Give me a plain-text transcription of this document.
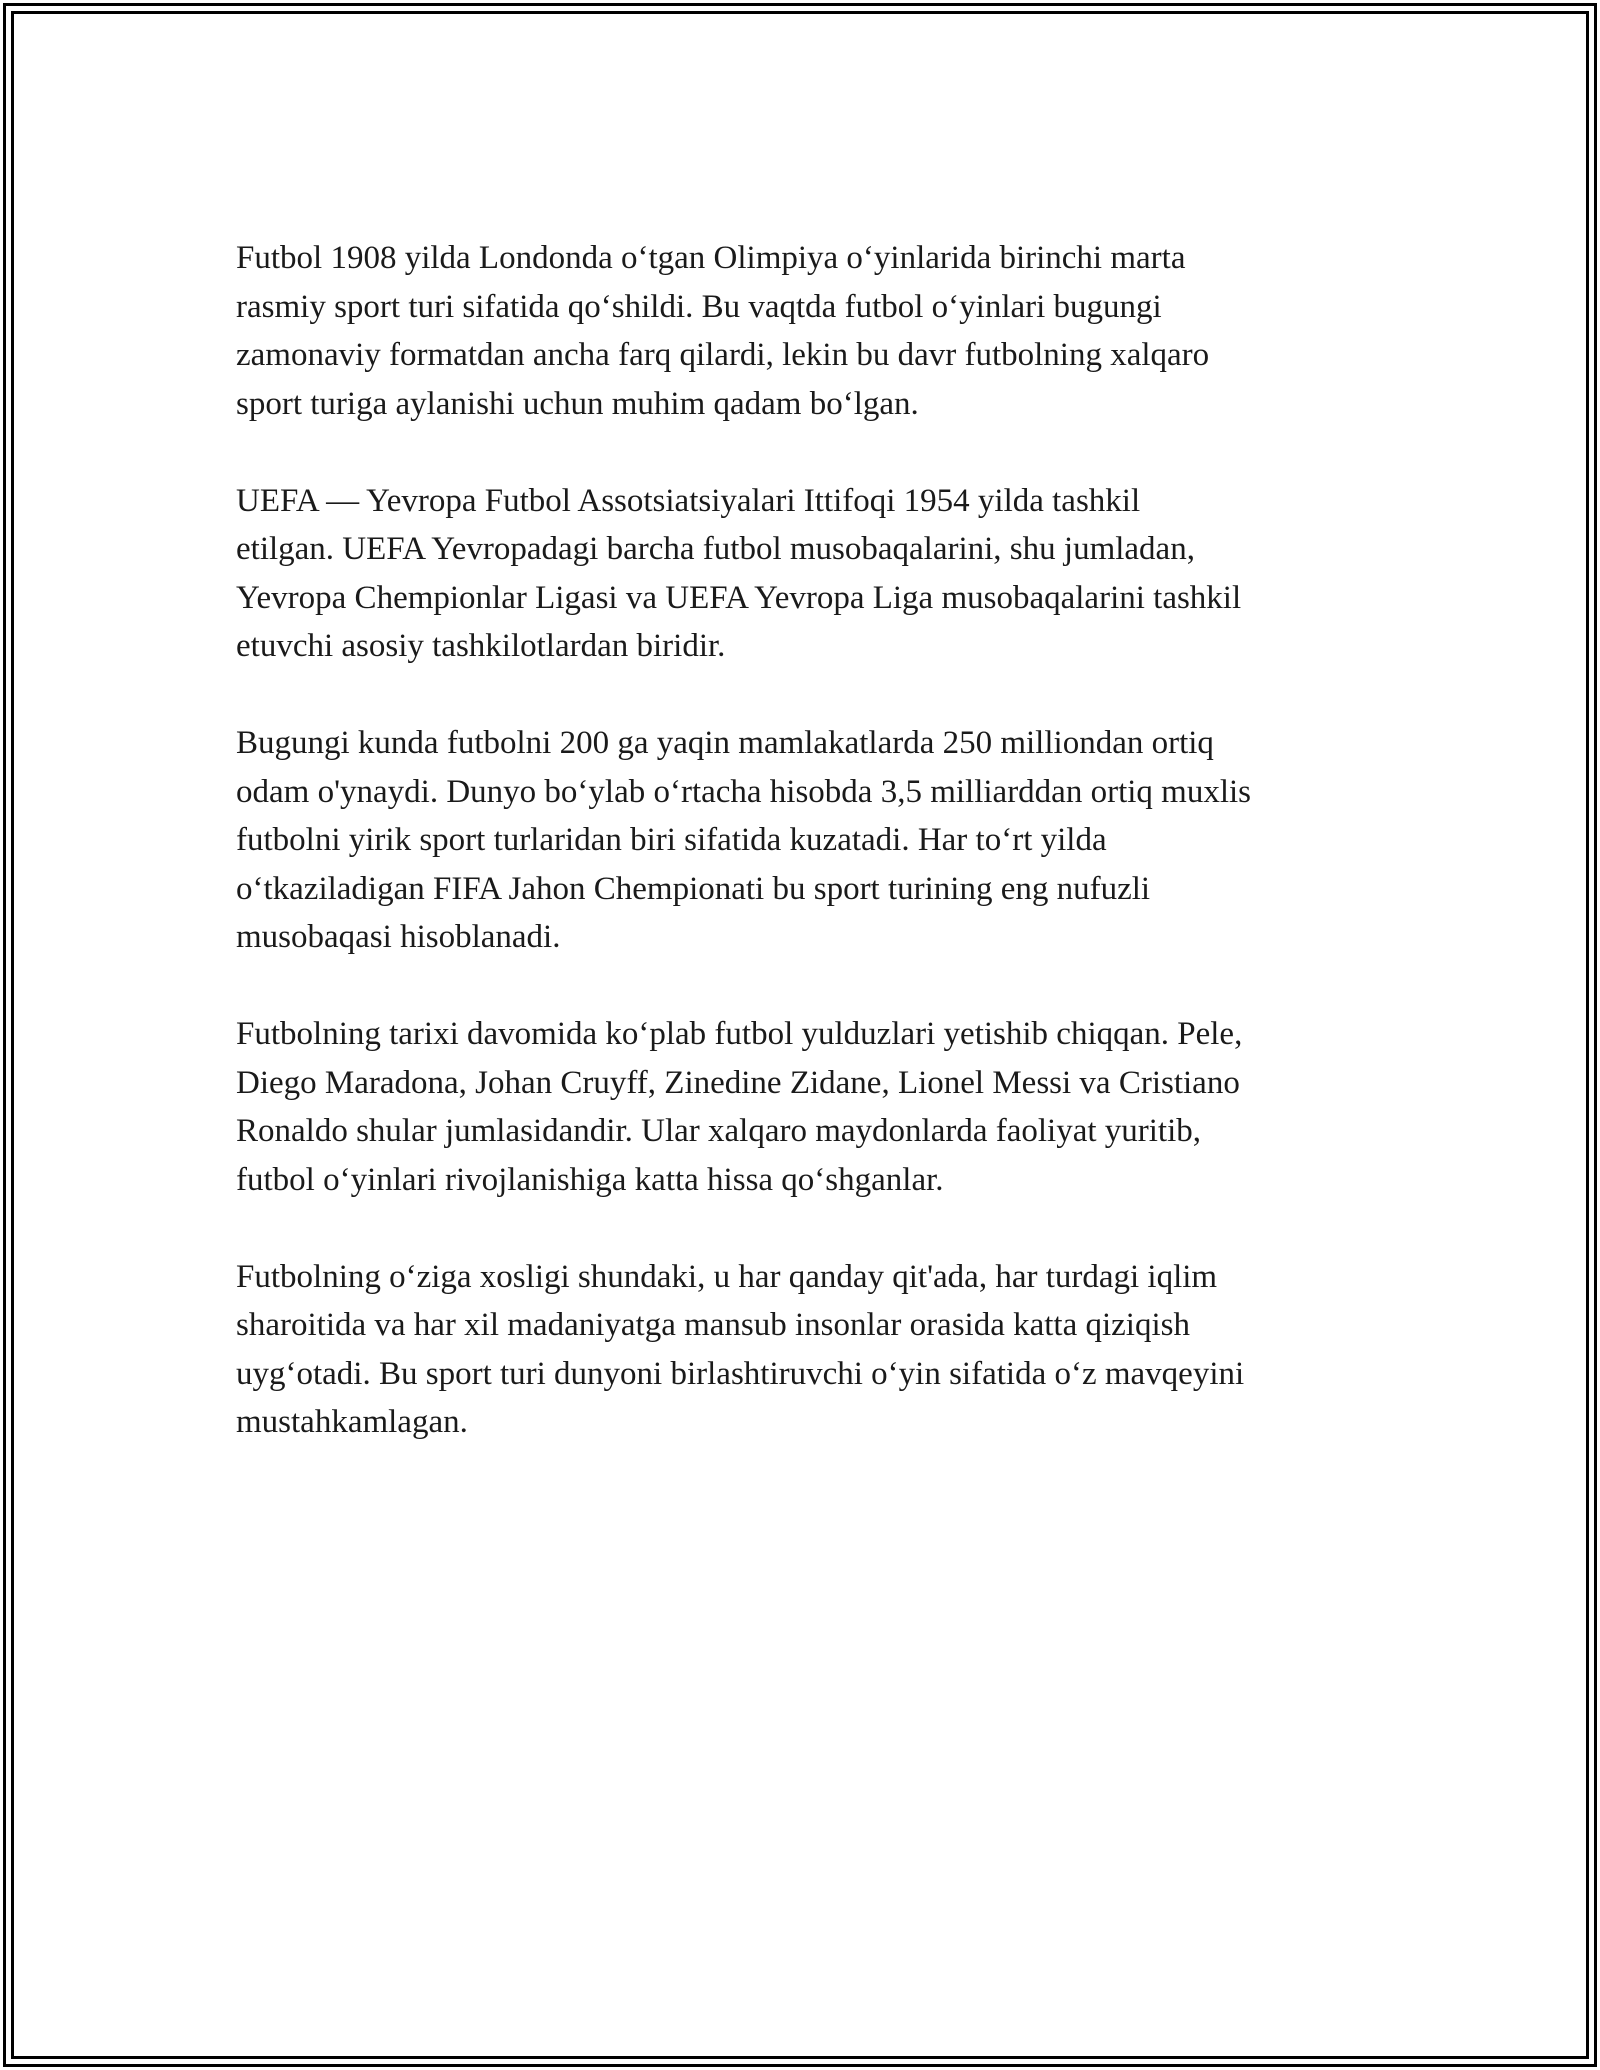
Futbol 1908 yilda Londonda o‘tgan Olimpiya o‘yinlarida birinchi marta
rasmiy sport turi sifatida qo‘shildi. Bu vaqtda futbol o‘yinlari bugungi
zamonaviy formatdan ancha farq qilardi, lekin bu davr futbolning xalqaro
sport turiga aylanishi uchun muhim qadam bo‘lgan.

UEFA — Yevropa Futbol Assotsiatsiyalari Ittifoqi 1954 yilda tashkil
etilgan. UEFA Yevropadagi barcha futbol musobaqalarini, shu jumladan,
Yevropa Chempionlar Ligasi va UEFA Yevropa Liga musobaqalarini tashkil
etuvchi asosiy tashkilotlardan biridir.

Bugungi kunda futbolni 200 ga yaqin mamlakatlarda 250 milliondan ortiq
odam o'ynaydi. Dunyo bo‘ylab o‘rtacha hisobda 3,5 milliarddan ortiq muxlis
futbolni yirik sport turlaridan biri sifatida kuzatadi. Har to‘rt yilda
o‘tkaziladigan FIFA Jahon Chempionati bu sport turining eng nufuzli
musobaqasi hisoblanadi.

Futbolning tarixi davomida ko‘plab futbol yulduzlari yetishib chiqqan. Pele,
Diego Maradona, Johan Cruyff, Zinedine Zidane, Lionel Messi va Cristiano
Ronaldo shular jumlasidandir. Ular xalqaro maydonlarda faoliyat yuritib,
futbol o‘yinlari rivojlanishiga katta hissa qo‘shganlar.

Futbolning o‘ziga xosligi shundaki, u har qanday qit'ada, har turdagi iqlim
sharoitida va har xil madaniyatga mansub insonlar orasida katta qiziqish
uyg‘otadi. Bu sport turi dunyoni birlashtiruvchi o‘yin sifatida o‘z mavqeyini
mustahkamlagan.
